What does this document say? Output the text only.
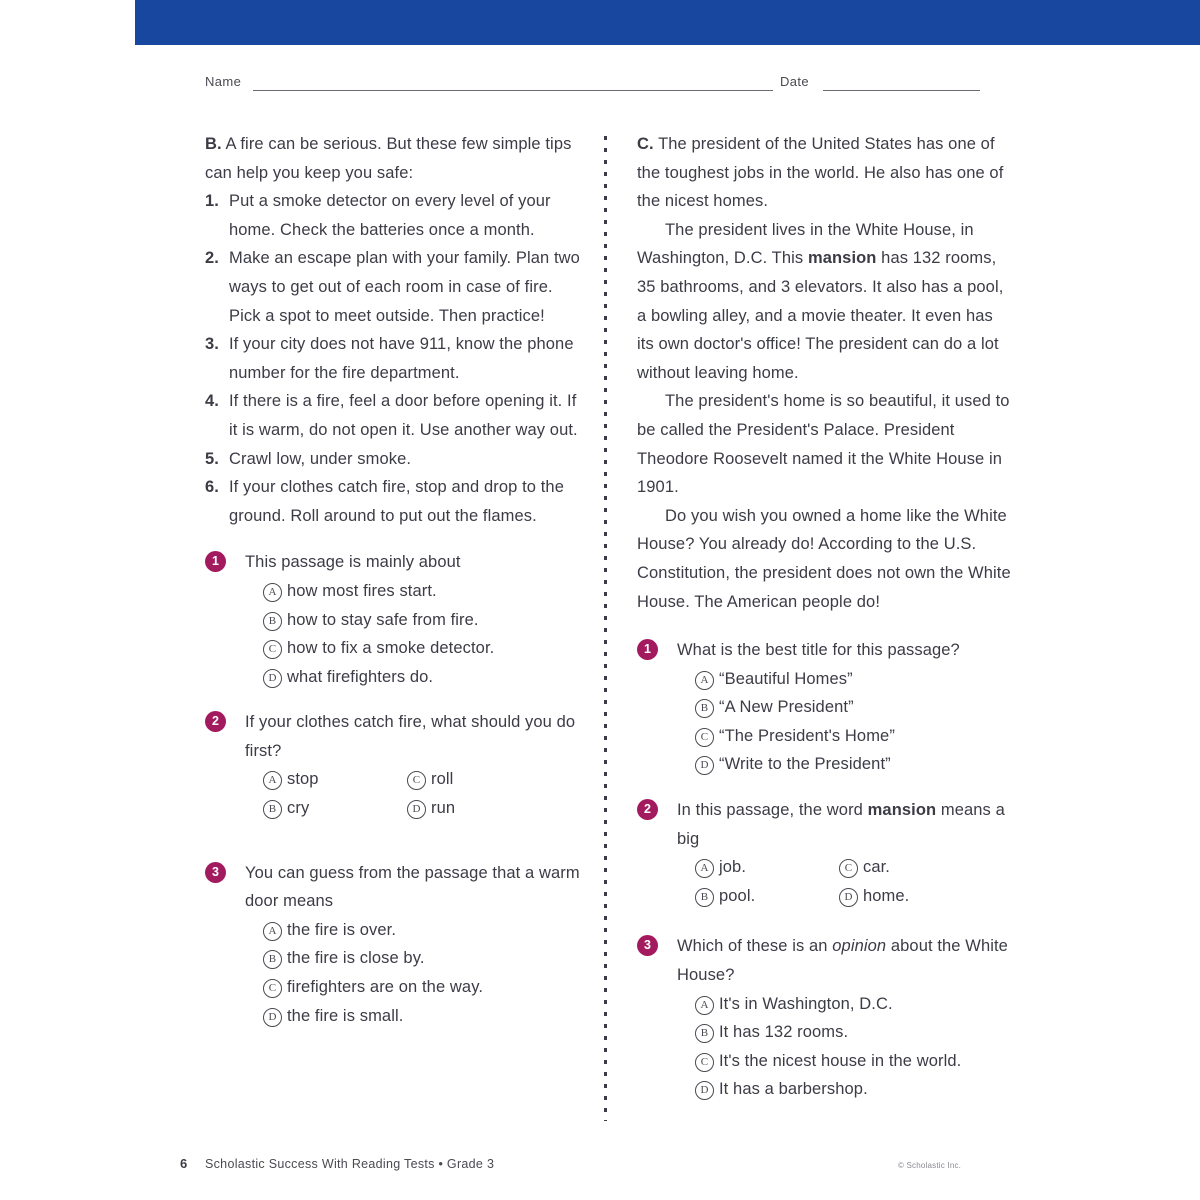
Name	Date

B. A fire can be serious. But these few simple tips can help you keep you safe:

1. Put a smoke detector on every level of your home. Check the batteries once a month.
2. Make an escape plan with your family. Plan two ways to get out of each room in case of fire. Pick a spot to meet outside. Then practice!
3. If your city does not have 911, know the phone number for the fire department.
4. If there is a fire, feel a door before opening it. If it is warm, do not open it. Use another way out.
5. Crawl low, under smoke.
6. If your clothes catch fire, stop and drop to the ground. Roll around to put out the flames.
1	This passage is mainly about
A how most fires start.
B how to stay safe from fire.
C how to fix a smoke detector.
D what firefighters do.
2	If your clothes catch fire, what should you do first?
A stop
B cry
C roll
D run
3	You can guess from the passage that a warm door means
A the fire is over.
B the fire is close by.
C firefighters are on the way.
D the fire is small.

C. The president of the United States has one of the toughest jobs in the world. He also has one of the nicest homes.

The president lives in the White House, in Washington, D.C. This mansion has 132 rooms, 35 bathrooms, and 3 elevators. It also has a pool, a bowling alley, and a movie theater. It even has its own doctor's office! The president can do a lot without leaving home.

The president's home is so beautiful, it used to be called the President's Palace. President Theodore Roosevelt named it the White House in 1901.

Do you wish you owned a home like the White House? You already do! According to the U.S. Constitution, the president does not own the White House. The American people do!

1	What is the best title for this passage?
A “Beautiful Homes”
B “A New President”
C “The President's Home”
D “Write to the President”
2	In this passage, the word mansion means a big
A job.
B pool.
C car.
D home.
3	Which of these is an opinion about the White House?
A It's in Washington, D.C.
B It has 132 rooms.
C It's the nicest house in the world.
D It has a barbershop.
6 Scholastic Success With Reading Tests • Grade 3	© Scholastic Inc.
